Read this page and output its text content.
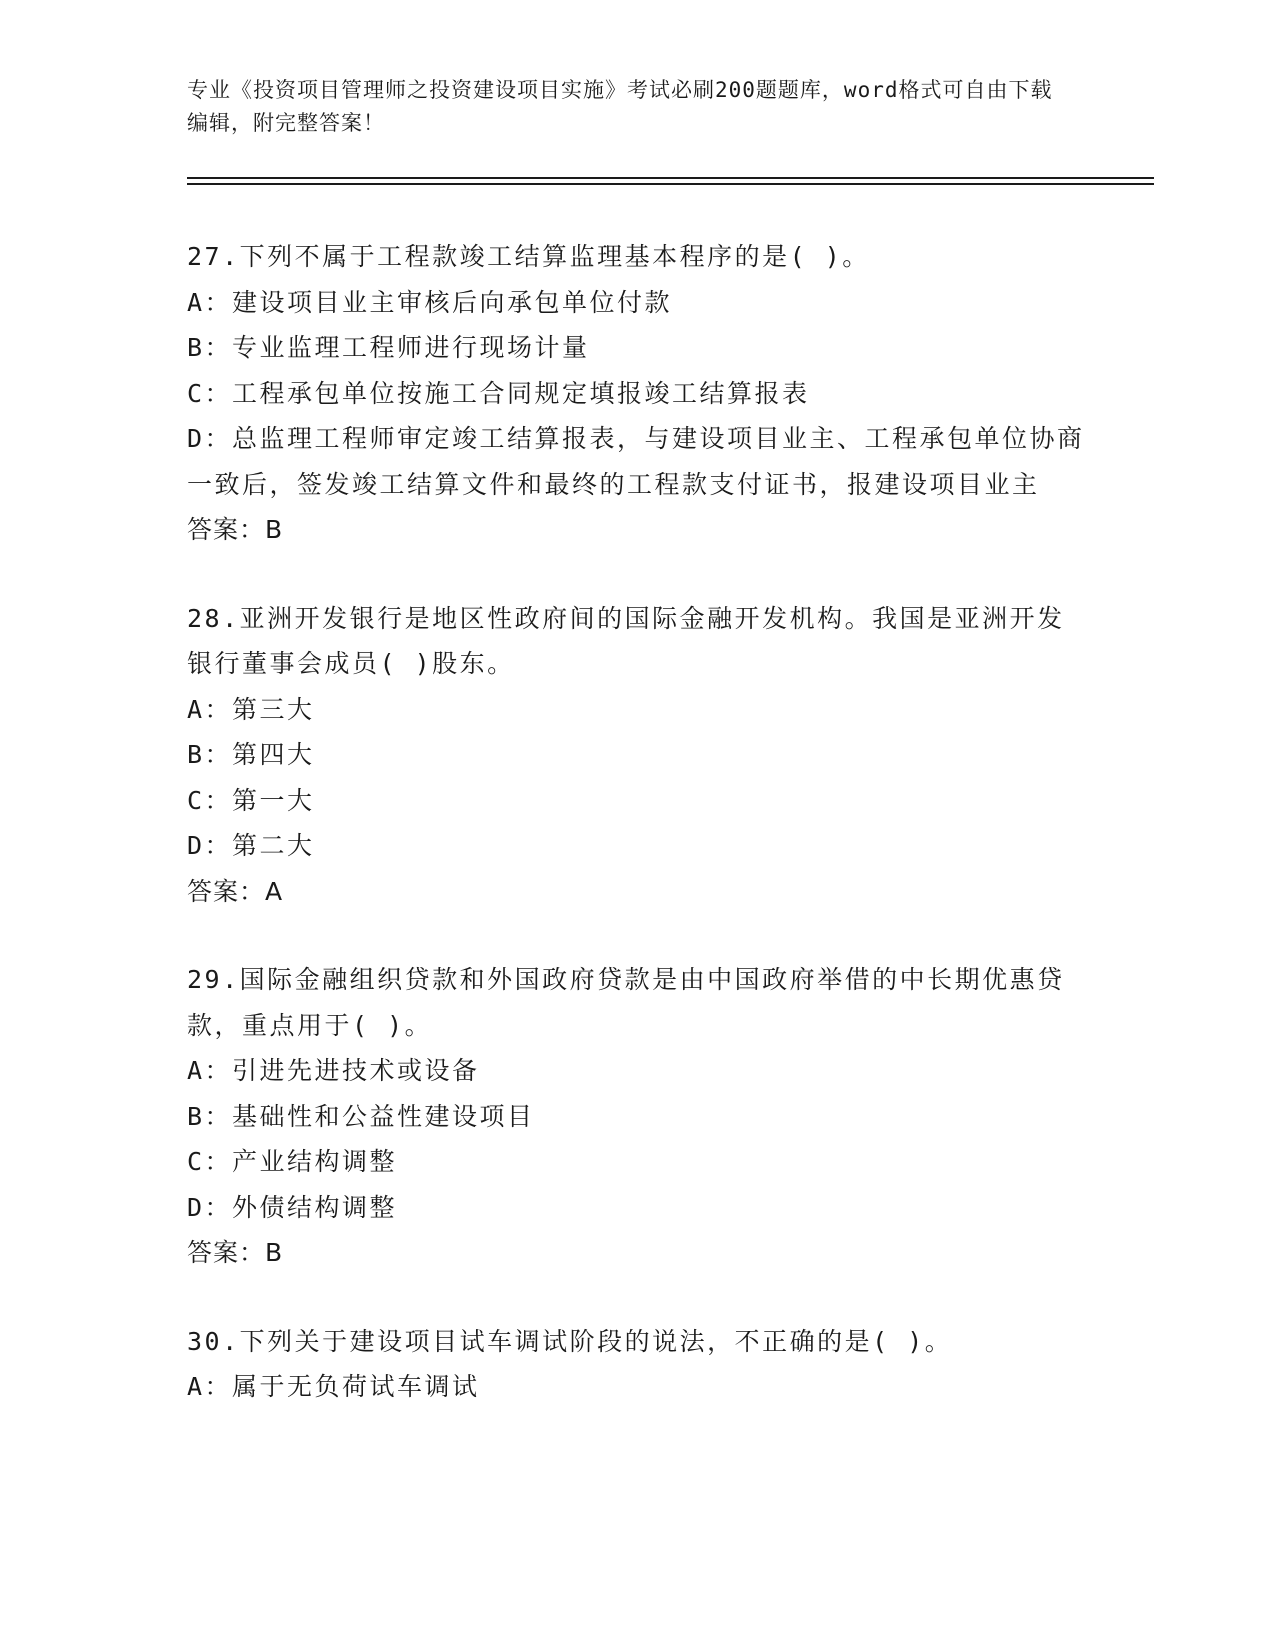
专业《投资项目管理师之投资建设项目实施》考试必刷200题题库，word格式可自由下载编辑，附完整答案！
27.下列不属于工程款竣工结算监理基本程序的是( )。
A：建设项目业主审核后向承包单位付款
B：专业监理工程师进行现场计量
C：工程承包单位按施工合同规定填报竣工结算报表
D：总监理工程师审定竣工结算报表，与建设项目业主、工程承包单位协商一致后，签发竣工结算文件和最终的工程款支付证书，报建设项目业主
答案：B
28.亚洲开发银行是地区性政府间的国际金融开发机构。我国是亚洲开发银行董事会成员( )股东。
A：第三大
B：第四大
C：第一大
D：第二大
答案：A
29.国际金融组织贷款和外国政府贷款是由中国政府举借的中长期优惠贷款，重点用于( )。
A：引进先进技术或设备
B：基础性和公益性建设项目
C：产业结构调整
D：外债结构调整
答案：B
30.下列关于建设项目试车调试阶段的说法，不正确的是( )。
A：属于无负荷试车调试
